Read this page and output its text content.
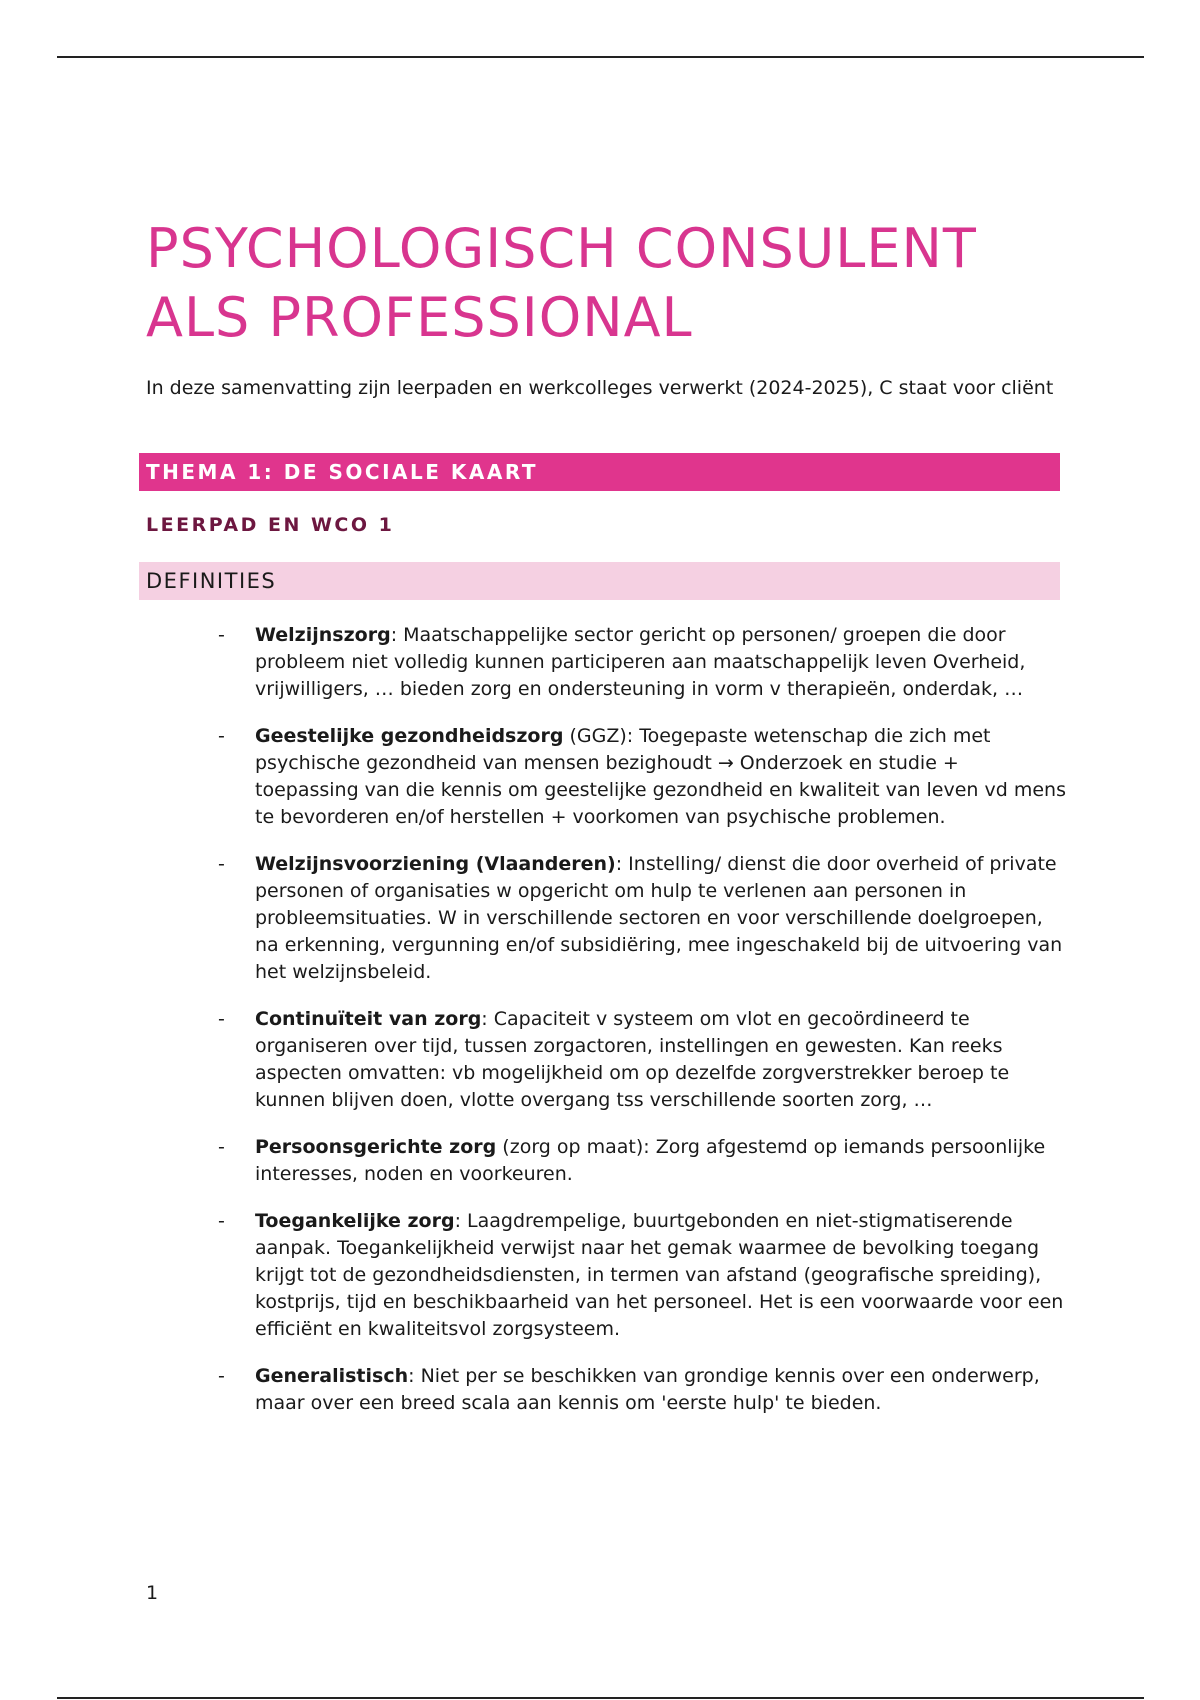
PSYCHOLOGISCH CONSULENT
ALS PROFESSIONAL

In deze samenvatting zijn leerpaden en werkcolleges verwerkt (2024-2025), C staat voor cliënt

THEMA 1: DE SOCIALE KAART
LEERPAD EN WCO 1
DEFINITIES
- Welzijnszorg: Maatschappelijke sector gericht op personen/ groepen die door probleem niet volledig kunnen participeren aan maatschappelijk leven Overheid, vrijwilligers, … bieden zorg en ondersteuning in vorm v therapieën, onderdak, …
- Geestelijke gezondheidszorg (GGZ): Toegepaste wetenschap die zich met psychische gezondheid van mensen bezighoudt → Onderzoek en studie + toepassing van die kennis om geestelijke gezondheid en kwaliteit van leven vd mens te bevorderen en/of herstellen + voorkomen van psychische problemen.
- Welzijnsvoorziening (Vlaanderen): Instelling/ dienst die door overheid of private personen of organisaties w opgericht om hulp te verlenen aan personen in probleemsituaties. W in verschillende sectoren en voor verschillende doelgroepen, na erkenning, vergunning en/of subsidiëring, mee ingeschakeld bij de uitvoering van het welzijnsbeleid.
- Continuïteit van zorg: Capaciteit v systeem om vlot en gecoördineerd te organiseren over tijd, tussen zorgactoren, instellingen en gewesten. Kan reeks aspecten omvatten: vb mogelijkheid om op dezelfde zorgverstrekker beroep te kunnen blijven doen, vlotte overgang tss verschillende soorten zorg, …
- Persoonsgerichte zorg (zorg op maat): Zorg afgestemd op iemands persoonlijke interesses, noden en voorkeuren.
- Toegankelijke zorg: Laagdrempelige, buurtgebonden en niet-stigmatiserende aanpak. Toegankelijkheid verwijst naar het gemak waarmee de bevolking toegang krijgt tot de gezondheidsdiensten, in termen van afstand (geografische spreiding), kostprijs, tijd en beschikbaarheid van het personeel. Het is een voorwaarde voor een efficiënt en kwaliteitsvol zorgsysteem.
- Generalistisch: Niet per se beschikken van grondige kennis over een onderwerp, maar over een breed scala aan kennis om 'eerste hulp' te bieden.
1
